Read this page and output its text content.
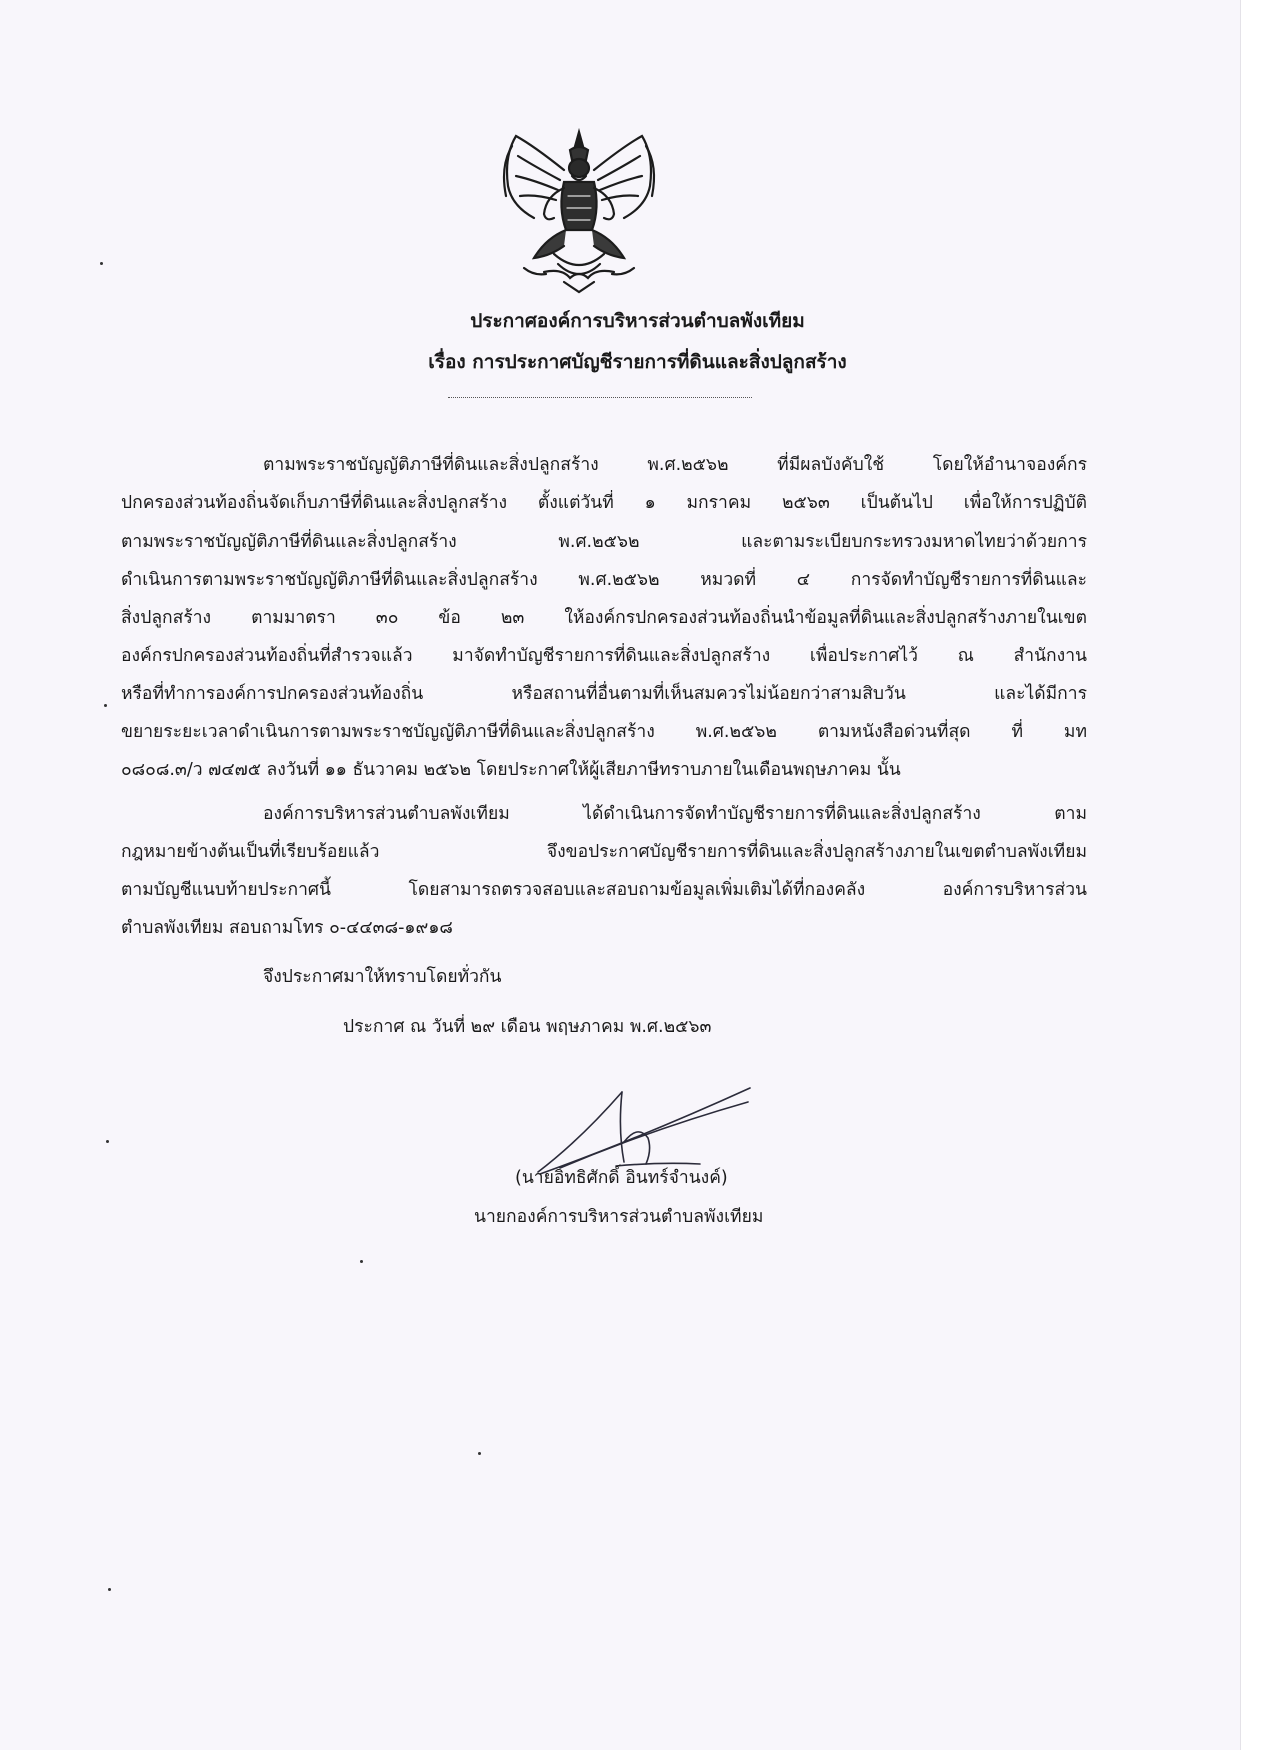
ประกาศองค์การบริหารส่วนตำบลพังเทียม
เรื่อง การประกาศบัญชีรายการที่ดินและสิ่งปลูกสร้าง
ตามพระราชบัญญัติภาษีที่ดินและสิ่งปลูกสร้าง พ.ศ.๒๕๖๒ ที่มีผลบังคับใช้ โดยให้อำนาจองค์กร
ปกครองส่วนท้องถิ่นจัดเก็บภาษีที่ดินและสิ่งปลูกสร้าง ตั้งแต่วันที่ ๑ มกราคม ๒๕๖๓ เป็นต้นไป เพื่อให้การปฏิบัติ
ตามพระราชบัญญัติภาษีที่ดินและสิ่งปลูกสร้าง พ.ศ.๒๕๖๒ และตามระเบียบกระทรวงมหาดไทยว่าด้วยการ
ดำเนินการตามพระราชบัญญัติภาษีที่ดินและสิ่งปลูกสร้าง พ.ศ.๒๕๖๒ หมวดที่ ๔ การจัดทำบัญชีรายการที่ดินและ
สิ่งปลูกสร้าง ตามมาตรา ๓๐ ข้อ ๒๓ ให้องค์กรปกครองส่วนท้องถิ่นนำข้อมูลที่ดินและสิ่งปลูกสร้างภายในเขต
องค์กรปกครองส่วนท้องถิ่นที่สำรวจแล้ว มาจัดทำบัญชีรายการที่ดินและสิ่งปลูกสร้าง เพื่อประกาศไว้ ณ สำนักงาน
หรือที่ทำการองค์การปกครองส่วนท้องถิ่น หรือสถานที่อื่นตามที่เห็นสมควรไม่น้อยกว่าสามสิบวัน และได้มีการ
ขยายระยะเวลาดำเนินการตามพระราชบัญญัติภาษีที่ดินและสิ่งปลูกสร้าง พ.ศ.๒๕๖๒ ตามหนังสือด่วนที่สุด ที่ มท
๐๘๐๘.๓/ว ๗๔๗๕ ลงวันที่ ๑๑ ธันวาคม ๒๕๖๒ โดยประกาศให้ผู้เสียภาษีทราบภายในเดือนพฤษภาคม นั้น
องค์การบริหารส่วนตำบลพังเทียม ได้ดำเนินการจัดทำบัญชีรายการที่ดินและสิ่งปลูกสร้าง ตาม
กฎหมายข้างต้นเป็นที่เรียบร้อยแล้ว จึงขอประกาศบัญชีรายการที่ดินและสิ่งปลูกสร้างภายในเขตตำบลพังเทียม
ตามบัญชีแนบท้ายประกาศนี้ โดยสามารถตรวจสอบและสอบถามข้อมูลเพิ่มเติมได้ที่กองคลัง องค์การบริหารส่วน
ตำบลพังเทียม สอบถามโทร ๐-๔๔๓๘-๑๙๑๘
จึงประกาศมาให้ทราบโดยทั่วกัน
ประกาศ ณ วันที่ ๒๙ เดือน พฤษภาคม พ.ศ.๒๕๖๓
(นายอิทธิศักดิ์ อินทร์จำนงค์)
นายกองค์การบริหารส่วนตำบลพังเทียม
